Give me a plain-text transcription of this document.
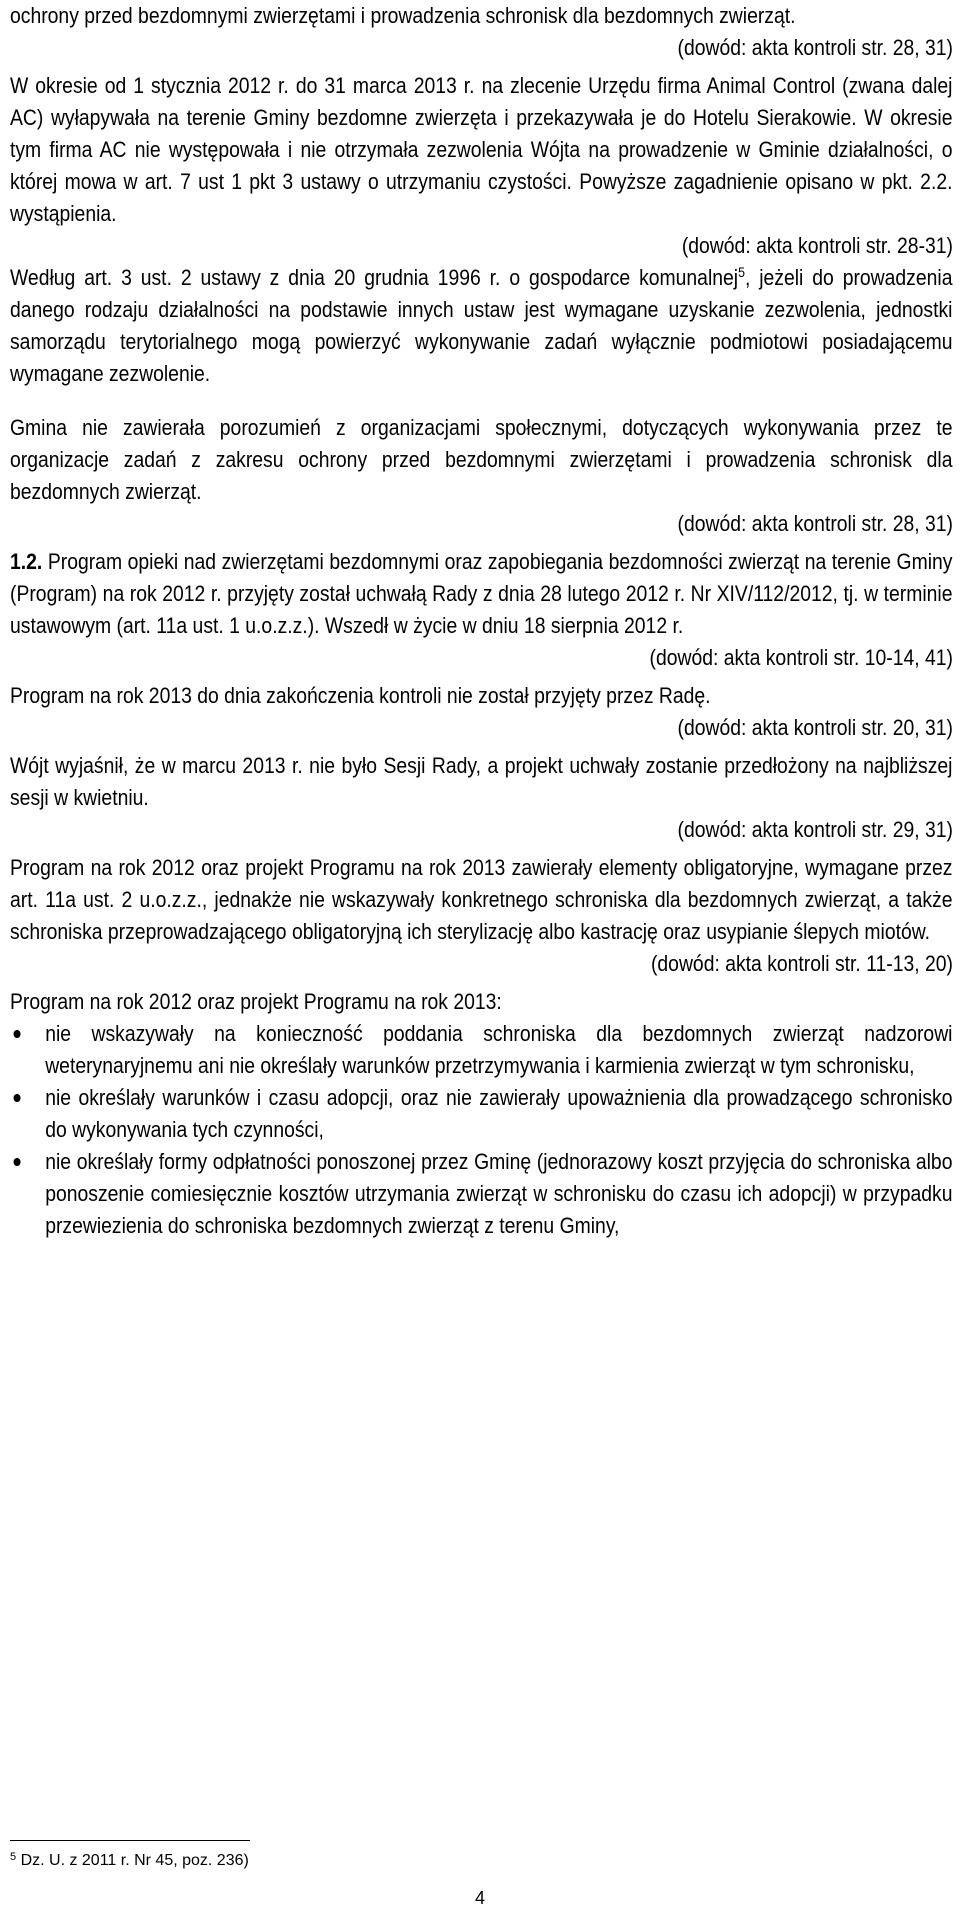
ochrony przed bezdomnymi zwierzętami i prowadzenia schronisk dla bezdomnych zwierząt.

(dowód: akta kontroli str. 28, 31)

W okresie od 1 stycznia 2012 r. do 31 marca 2013 r. na zlecenie Urzędu firma Animal Control (zwana dalej AC) wyłapywała na terenie Gminy bezdomne zwierzęta i przekazywała je do Hotelu Sierakowie. W okresie tym firma AC nie występowała i nie otrzymała zezwolenia Wójta na prowadzenie w Gminie działalności, o której mowa w art. 7 ust 1 pkt 3 ustawy o utrzymaniu czystości. Powyższe zagadnienie opisano w pkt. 2.2. wystąpienia.

(dowód: akta kontroli str. 28-31)

Według art. 3 ust. 2 ustawy z dnia 20 grudnia 1996 r. o gospodarce komunalnej$^5$, jeżeli do prowadzenia danego rodzaju działalności na podstawie innych ustaw jest wymagane uzyskanie zezwolenia, jednostki samorządu terytorialnego mogą powierzyć wykonywanie zadań wyłącznie podmiotowi posiadającemu wymagane zezwolenie.

Gmina nie zawierała porozumień z organizacjami społecznymi, dotyczących wykonywania przez te organizacje zadań z zakresu ochrony przed bezdomnymi zwierzętami i prowadzenia schronisk dla bezdomnych zwierząt.

(dowód: akta kontroli str. 28, 31)

1.2. Program opieki nad zwierzętami bezdomnymi oraz zapobiegania bezdomności zwierząt na terenie Gminy (Program) na rok 2012 r. przyjęty został uchwałą Rady z dnia 28 lutego 2012 r. Nr XIV/112/2012, tj. w terminie ustawowym (art. 11a ust. 1 u.o.z.z.). Wszedł w życie w dniu 18 sierpnia 2012 r.

(dowód: akta kontroli str. 10-14, 41)

Program na rok 2013 do dnia zakończenia kontroli nie został przyjęty przez Radę.

(dowód: akta kontroli str. 20, 31)

Wójt wyjaśnił, że w marcu 2013 r. nie było Sesji Rady, a projekt uchwały zostanie przedłożony na najbliższej sesji w kwietniu.

(dowód: akta kontroli str. 29, 31)

Program na rok 2012 oraz projekt Programu na rok 2013 zawierały elementy obligatoryjne, wymagane przez art. 11a ust. 2 u.o.z.z., jednakże nie wskazywały konkretnego schroniska dla bezdomnych zwierząt, a także schroniska przeprowadzającego obligatoryjną ich sterylizację albo kastrację oraz usypianie ślepych miotów.

(dowód: akta kontroli str. 11-13, 20)

Program na rok 2012 oraz projekt Programu na rok 2013:

nie wskazywały na konieczność poddania schroniska dla bezdomnych zwierząt nadzorowi weterynaryjnemu ani nie określały warunków przetrzymywania i karmienia zwierząt w tym schronisku,
nie określały warunków i czasu adopcji, oraz nie zawierały upoważnienia dla prowadzącego schronisko do wykonywania tych czynności,
nie określały formy odpłatności ponoszonej przez Gminę (jednorazowy koszt przyjęcia do schroniska albo ponoszenie comiesięcznie kosztów utrzymania zwierząt w schronisku do czasu ich adopcji) w przypadku przewiezienia do schroniska bezdomnych zwierząt z terenu Gminy,
$^5$ Dz. U. z 2011 r. Nr 45, poz. 236)
4
